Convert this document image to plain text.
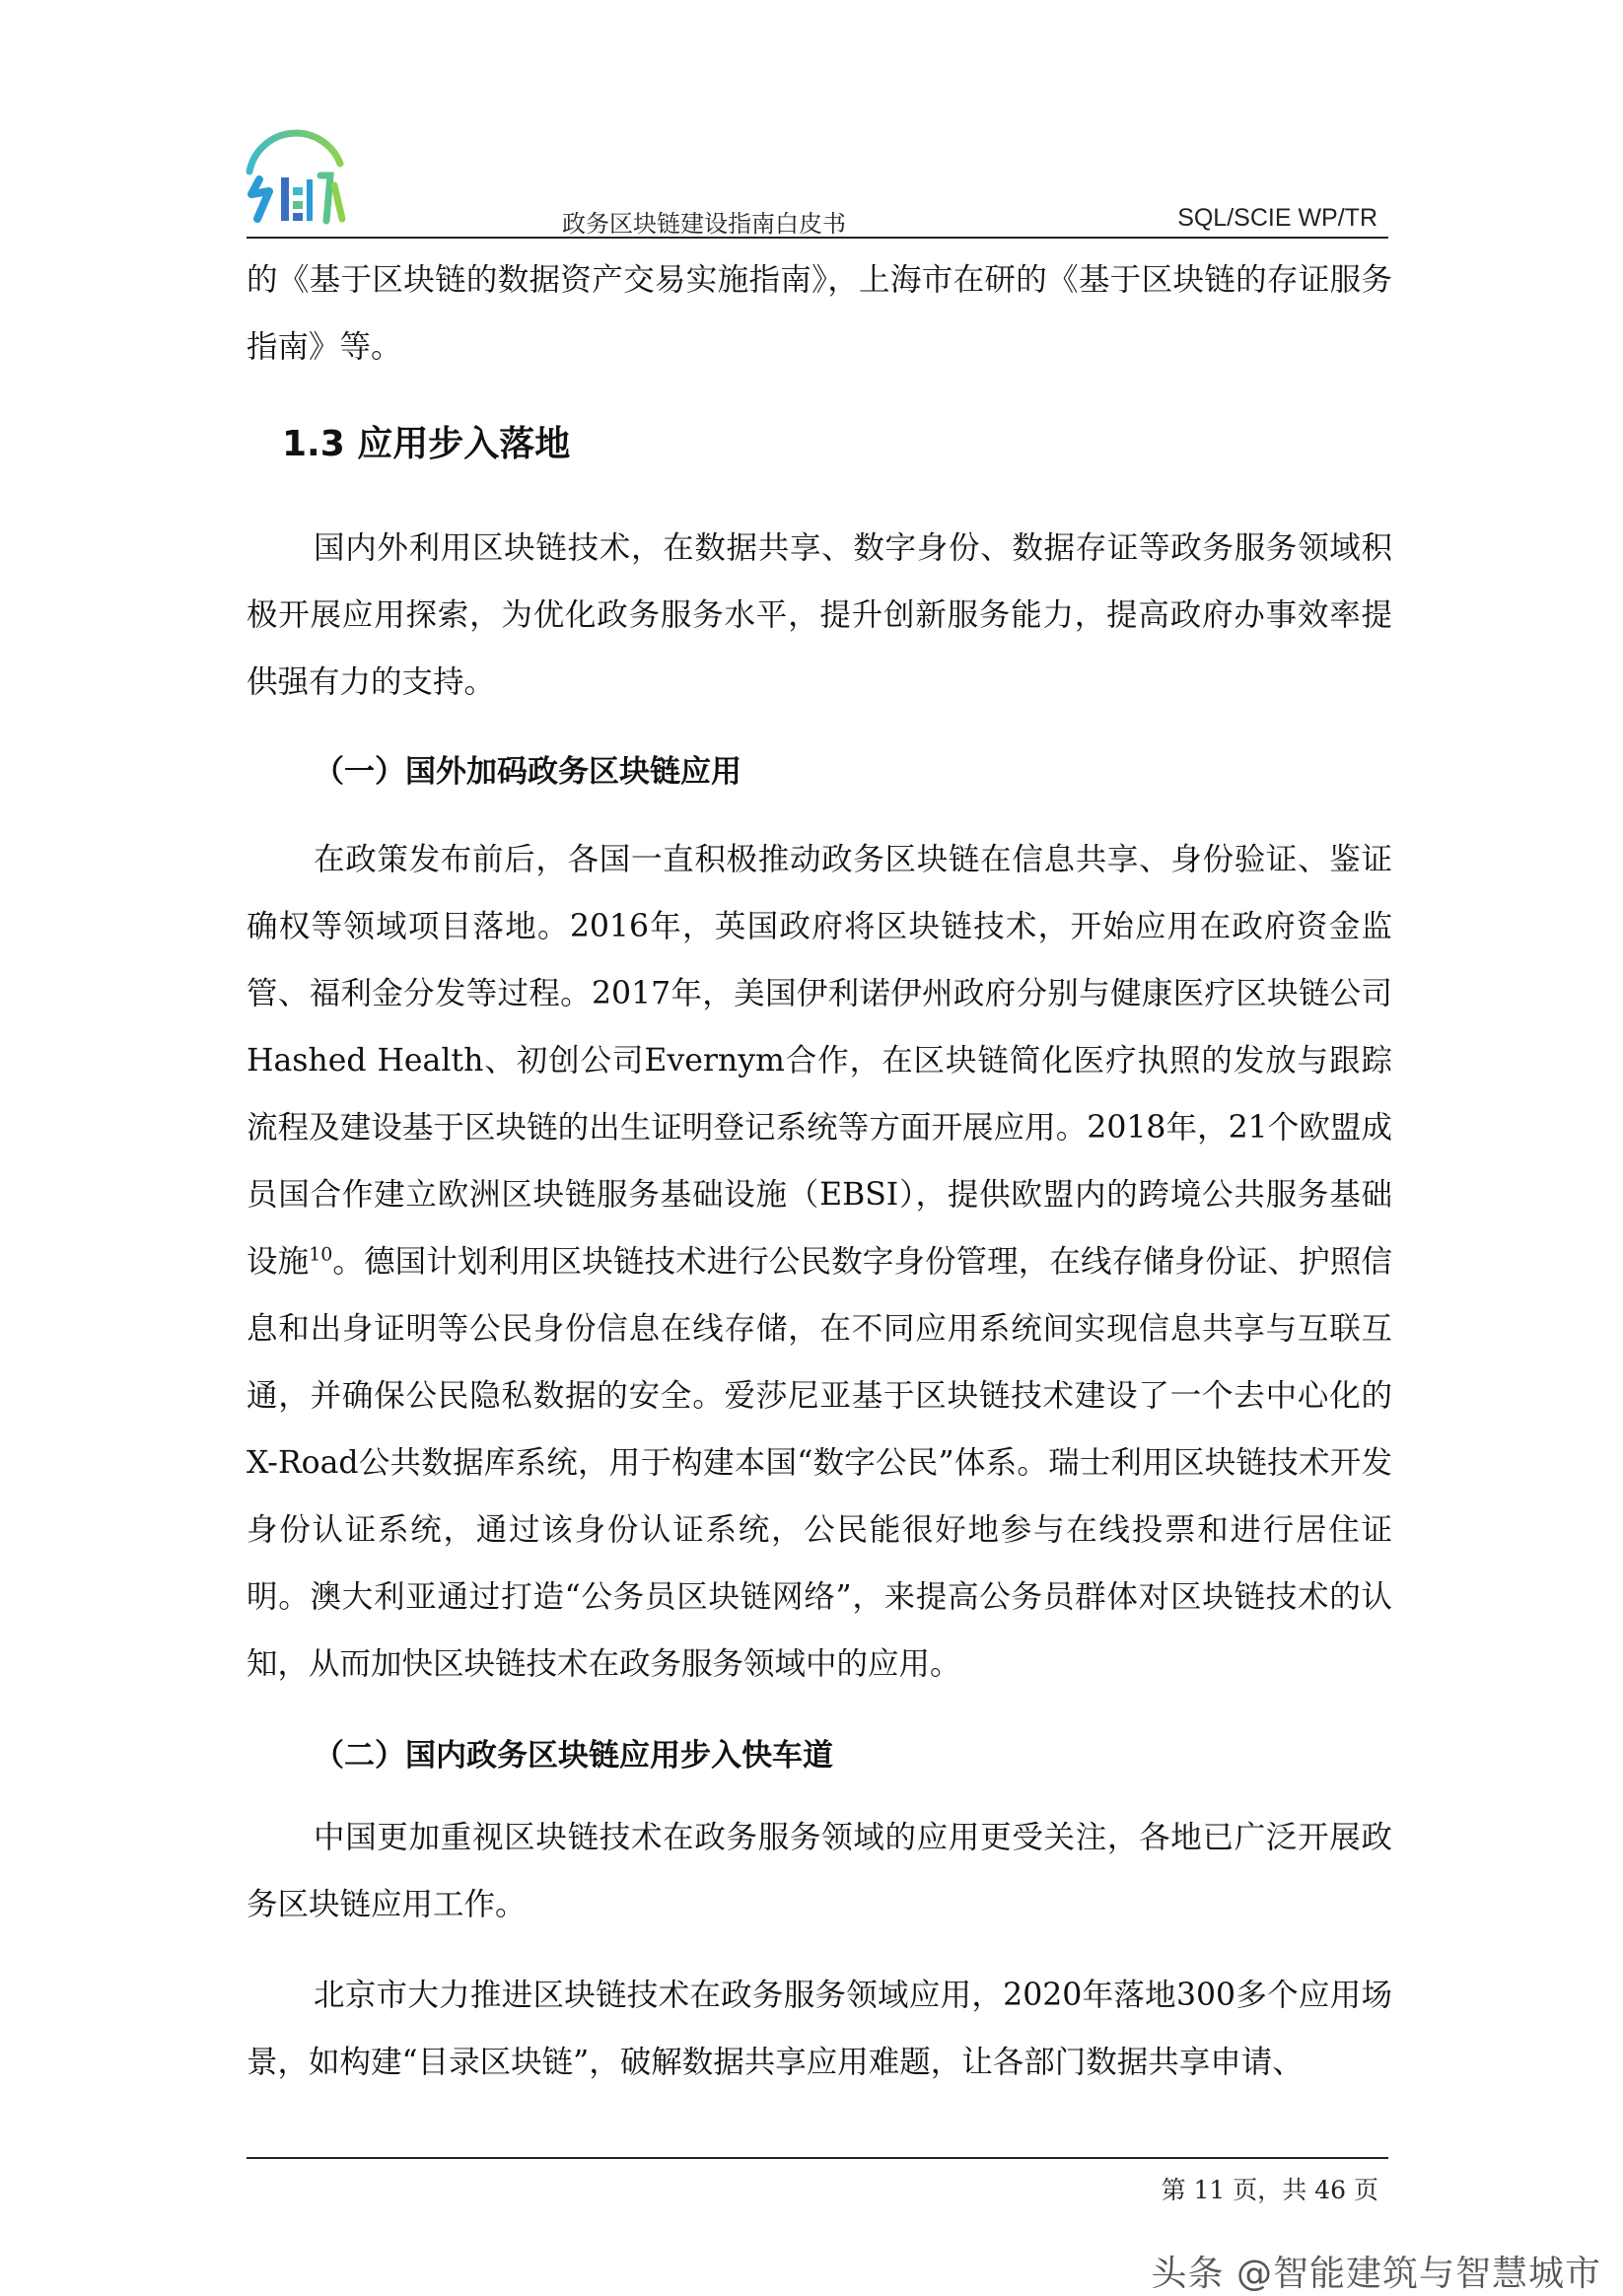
政务区块链建设指南白皮书	SQL/SCIE WP/TR

的《基于区块链的数据资产交易实施指南》，上海市在研的《基于区块链的存证服务指南》等。

1.3 应用步入落地

国内外利用区块链技术，在数据共享、数字身份、数据存证等政务服务领域积极开展应用探索，为优化政务服务水平，提升创新服务能力，提高政府办事效率提供强有力的支持。

（一）国外加码政务区块链应用

在政策发布前后，各国一直积极推动政务区块链在信息共享、身份验证、鉴证确权等领域项目落地。2016年，英国政府将区块链技术，开始应用在政府资金监管、福利金分发等过程。2017年，美国伊利诺伊州政府分别与健康医疗区块链公司Hashed Health、初创公司Evernym合作，在区块链简化医疗执照的发放与跟踪流程及建设基于区块链的出生证明登记系统等方面开展应用。2018年，21个欧盟成员国合作建立欧洲区块链服务基础设施（EBSI），提供欧盟内的跨境公共服务基础设施$^{10}$。德国计划利用区块链技术进行公民数字身份管理，在线存储身份证、护照信息和出身证明等公民身份信息在线存储，在不同应用系统间实现信息共享与互联互通，并确保公民隐私数据的安全。爱莎尼亚基于区块链技术建设了一个去中心化的X-Road公共数据库系统，用于构建本国“数字公民”体系。瑞士利用区块链技术开发身份认证系统，通过该身份认证系统，公民能很好地参与在线投票和进行居住证明。澳大利亚通过打造“公务员区块链网络”，来提高公务员群体对区块链技术的认知，从而加快区块链技术在政务服务领域中的应用。

（二）国内政务区块链应用步入快车道

中国更加重视区块链技术在政务服务领域的应用更受关注，各地已广泛开展政务区块链应用工作。

北京市大力推进区块链技术在政务服务领域应用，2020年落地300多个应用场景，如构建“目录区块链”，破解数据共享应用难题，让各部门数据共享申请、

第 11 页，共 46 页
头条 @智能建筑与智慧城市
